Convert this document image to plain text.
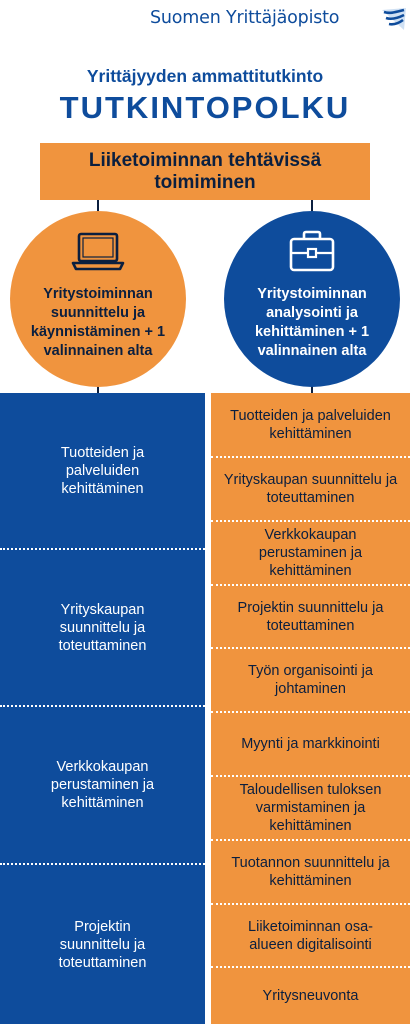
Suomen Yrittäjäopisto
Yrittäjyyden ammattitutkinto
TUTKINTOPOLKU
Liiketoiminnan tehtävissä toimiminen
Yritystoiminnan suunnittelu ja käynnistäminen + 1 valinnainen alta
Yritystoiminnan analysointi ja kehittäminen + 1 valinnainen alta
Tuotteiden ja palveluiden kehittäminen
Yrityskaupan suunnittelu ja toteuttaminen
Verkkokaupan perustaminen ja kehittäminen
Projektin suunnittelu ja toteuttaminen
Tuotteiden ja palveluiden kehittäminen
Yrityskaupan suunnittelu ja toteuttaminen
Verkkokaupan perustaminen ja kehittäminen
Projektin suunnittelu ja toteuttaminen
Työn organisointi ja johtaminen
Myynti ja markkinointi
Taloudellisen tuloksen varmistaminen ja kehittäminen
Tuotannon suunnittelu ja kehittäminen
Liiketoiminnan osa-alueen digitalisointi
Yritysneuvonta
